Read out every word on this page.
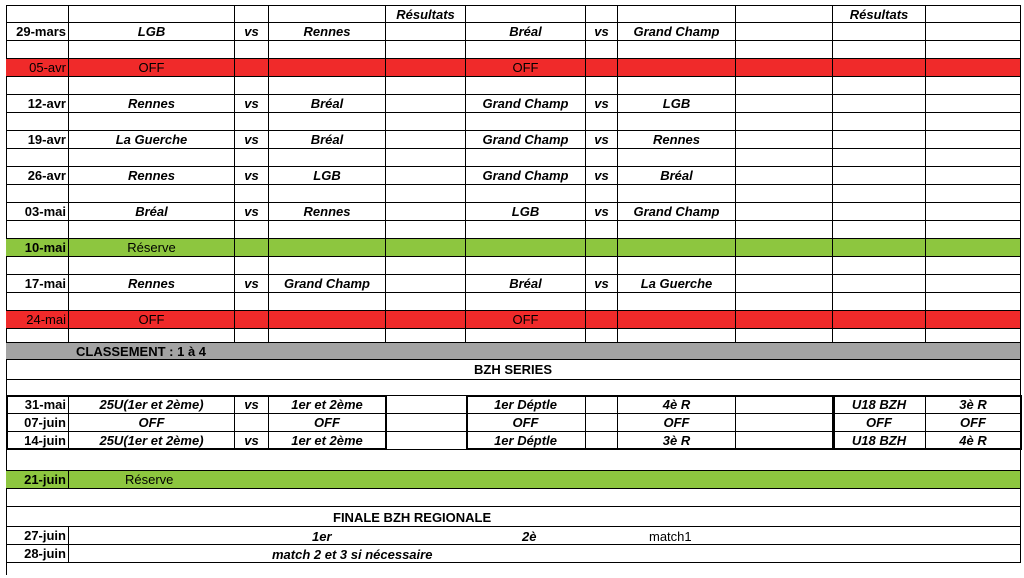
Résultats	Résultats
29-mars	LGB	vs	Rennes	Bréal	vs	Grand Champ
05-avr	OFF	OFF
12-avr	Rennes	vs	Bréal	Grand Champ	vs	LGB
19-avr	La Guerche	vs	Bréal	Grand Champ	vs	Rennes
26-avr	Rennes	vs	LGB	Grand Champ	vs	Bréal
03-mai	Bréal	vs	Rennes	LGB	vs	Grand Champ
10-mai	Réserve
17-mai	Rennes	vs	Grand Champ	Bréal	vs	La Guerche
24-mai	OFF	OFF
CLASSEMENT : 1 à 4
BZH SERIES
31-mai	25U(1er et 2ème)	vs	1er et 2ème	1er Déptle	4è R	U18 BZH	3è R
07-juin	OFF	OFF	OFF	OFF	OFF	OFF
14-juin	25U(1er et 2ème)	vs	1er et 2ème	1er Déptle	3è R	U18 BZH	4è R
21-juin	Réserve
FINALE BZH REGIONALE
27-juin	1er	2è	match1
28-juin	match 2 et 3 si nécessaire
